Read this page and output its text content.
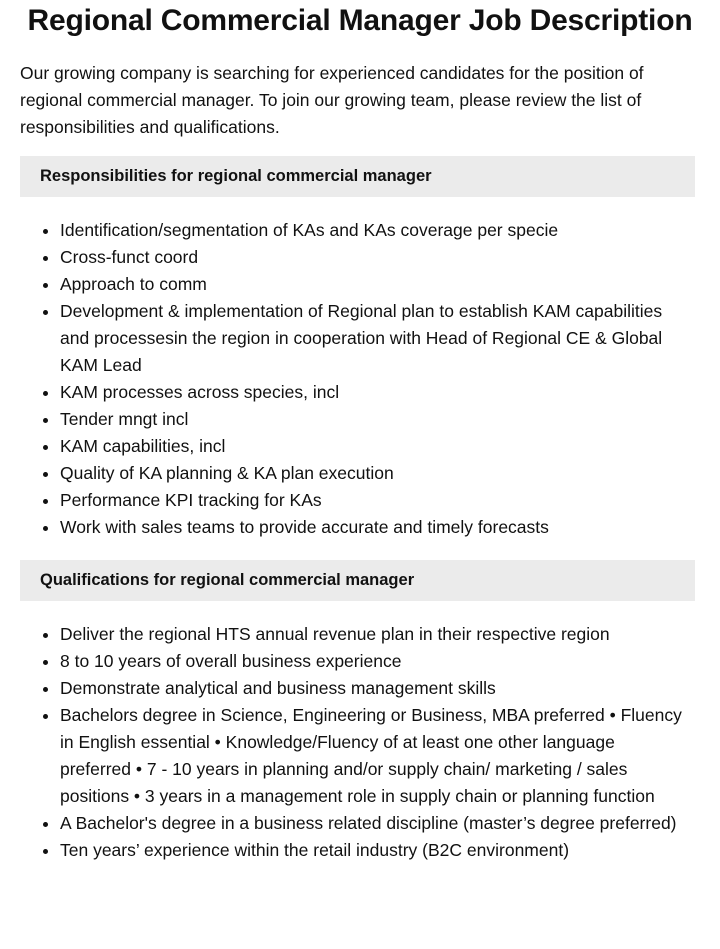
Regional Commercial Manager Job Description

Our growing company is searching for experienced candidates for the position of regional commercial manager. To join our growing team, please review the list of responsibilities and qualifications.

Responsibilities for regional commercial manager
• Identification/segmentation of KAs and KAs coverage per specie
• Cross-funct coord
• Approach to comm
• Development & implementation of Regional plan to establish KAM capabilities and processesin the region in cooperation with Head of Regional CE & Global KAM Lead
• KAM processes across species, incl
• Tender mngt incl
• KAM capabilities, incl
• Quality of KA planning & KA plan execution
• Performance KPI tracking for KAs
• Work with sales teams to provide accurate and timely forecasts
Qualifications for regional commercial manager
• Deliver the regional HTS annual revenue plan in their respective region
• 8 to 10 years of overall business experience
• Demonstrate analytical and business management skills
• Bachelors degree in Science, Engineering or Business, MBA preferred • Fluency in English essential • Knowledge/Fluency of at least one other language preferred • 7 - 10 years in planning and/or supply chain/ marketing / sales positions • 3 years in a management role in supply chain or planning function
• A Bachelor's degree in a business related discipline (master’s degree preferred)
• Ten years’ experience within the retail industry (B2C environment)
